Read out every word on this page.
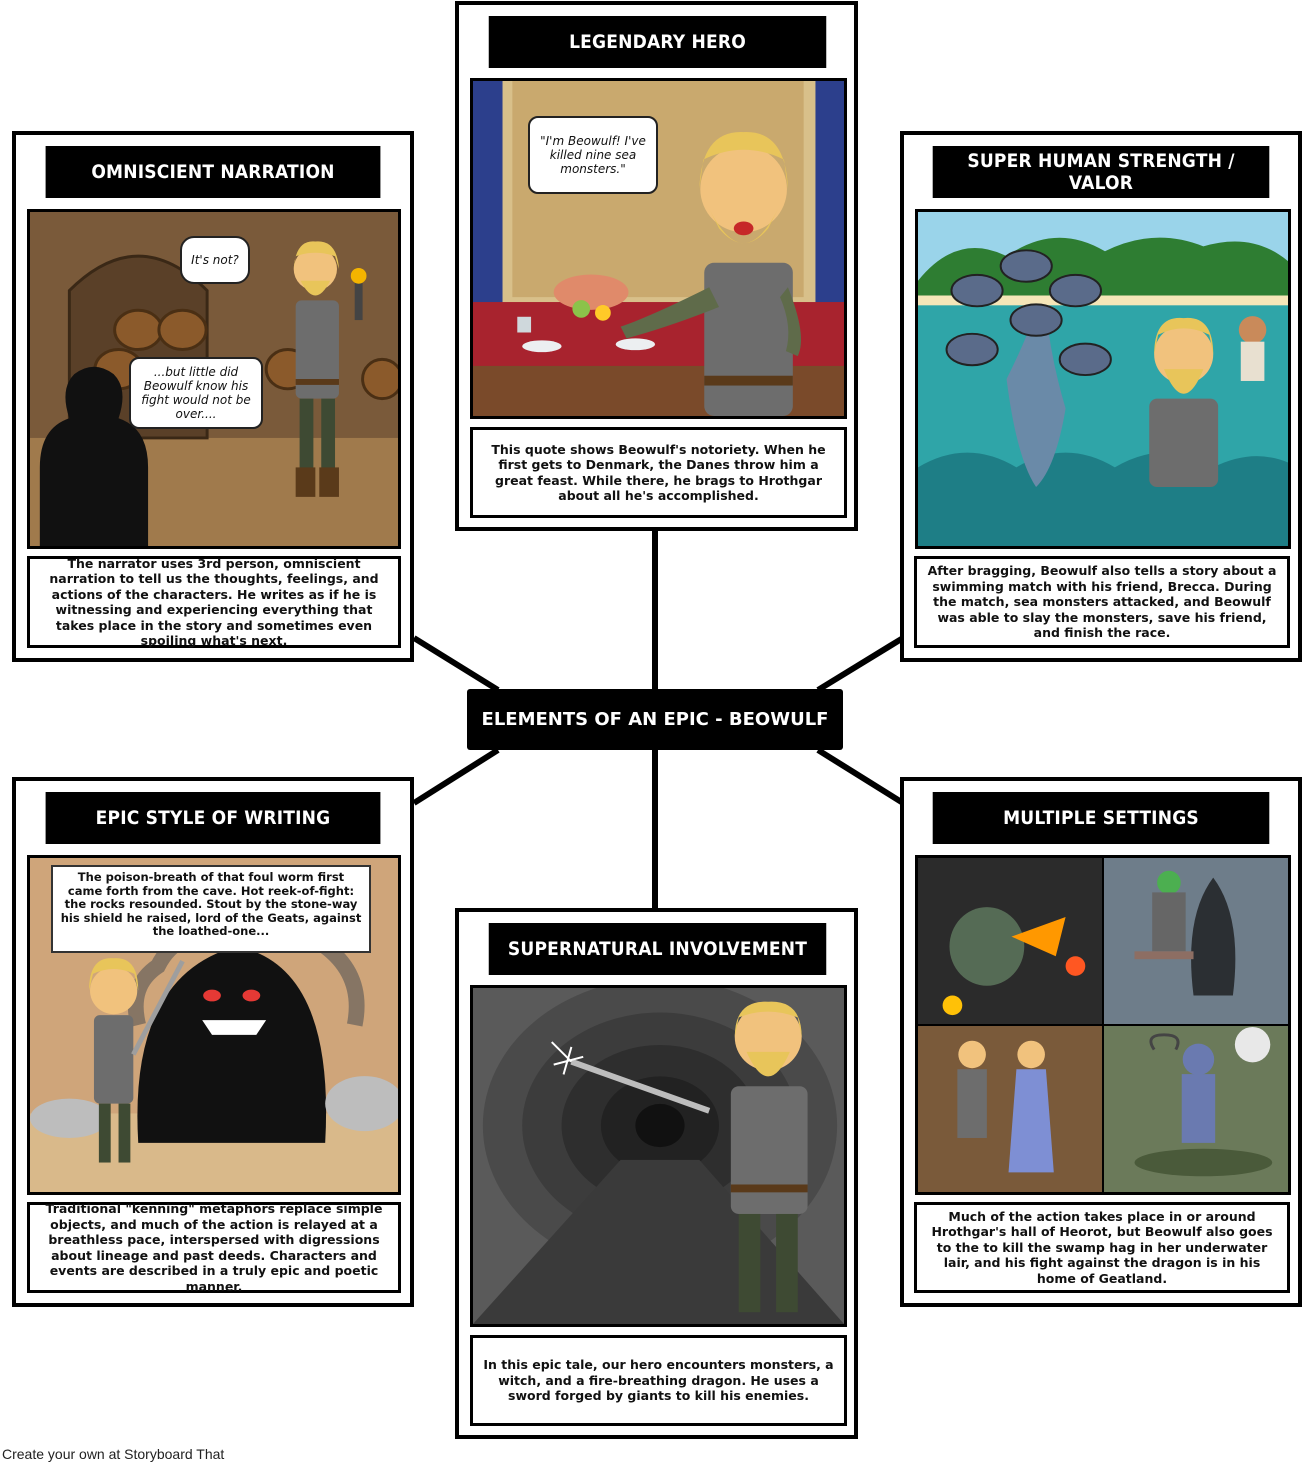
ELEMENTS OF AN EPIC - BEOWULF
OMNISCIENT NARRATION
It's not?
...but little did Beowulf know his fight would not be over....
The narrator uses 3rd person, omniscient narration to tell us the thoughts, feelings, and actions of the characters. He writes as if he is witnessing and experiencing everything that takes place in the story and sometimes even spoiling what's next.
LEGENDARY HERO
"I'm Beowulf! I've killed nine sea monsters."
This quote shows Beowulf's notoriety. When he first gets to Denmark, the Danes throw him a great feast. While there, he brags to Hrothgar about all he's accomplished.
SUPER HUMAN STRENGTH / VALOR
After bragging, Beowulf also tells a story about a swimming match with his friend, Brecca. During the match, sea monsters attacked, and Beowulf was able to slay the monsters, save his friend, and finish the race.
EPIC STYLE OF WRITING
The poison-breath of that foul worm first came forth from the cave. Hot reek-of-fight: the rocks resounded. Stout by the stone-way his shield he raised, lord of the Geats, against the loathed-one...
Traditional "kenning" metaphors replace simple objects, and much of the action is relayed at a breathless pace, interspersed with digressions about lineage and past deeds. Characters and events are described in a truly epic and poetic manner.
SUPERNATURAL INVOLVEMENT
In this epic tale, our hero encounters monsters, a witch, and a fire-breathing dragon. He uses a sword forged by giants to kill his enemies.
MULTIPLE SETTINGS
Much of the action takes place in or around Hrothgar's hall of Heorot, but Beowulf also goes to the to kill the swamp hag in her underwater lair, and his fight against the dragon is in his home of Geatland.
Create your own at Storyboard That
